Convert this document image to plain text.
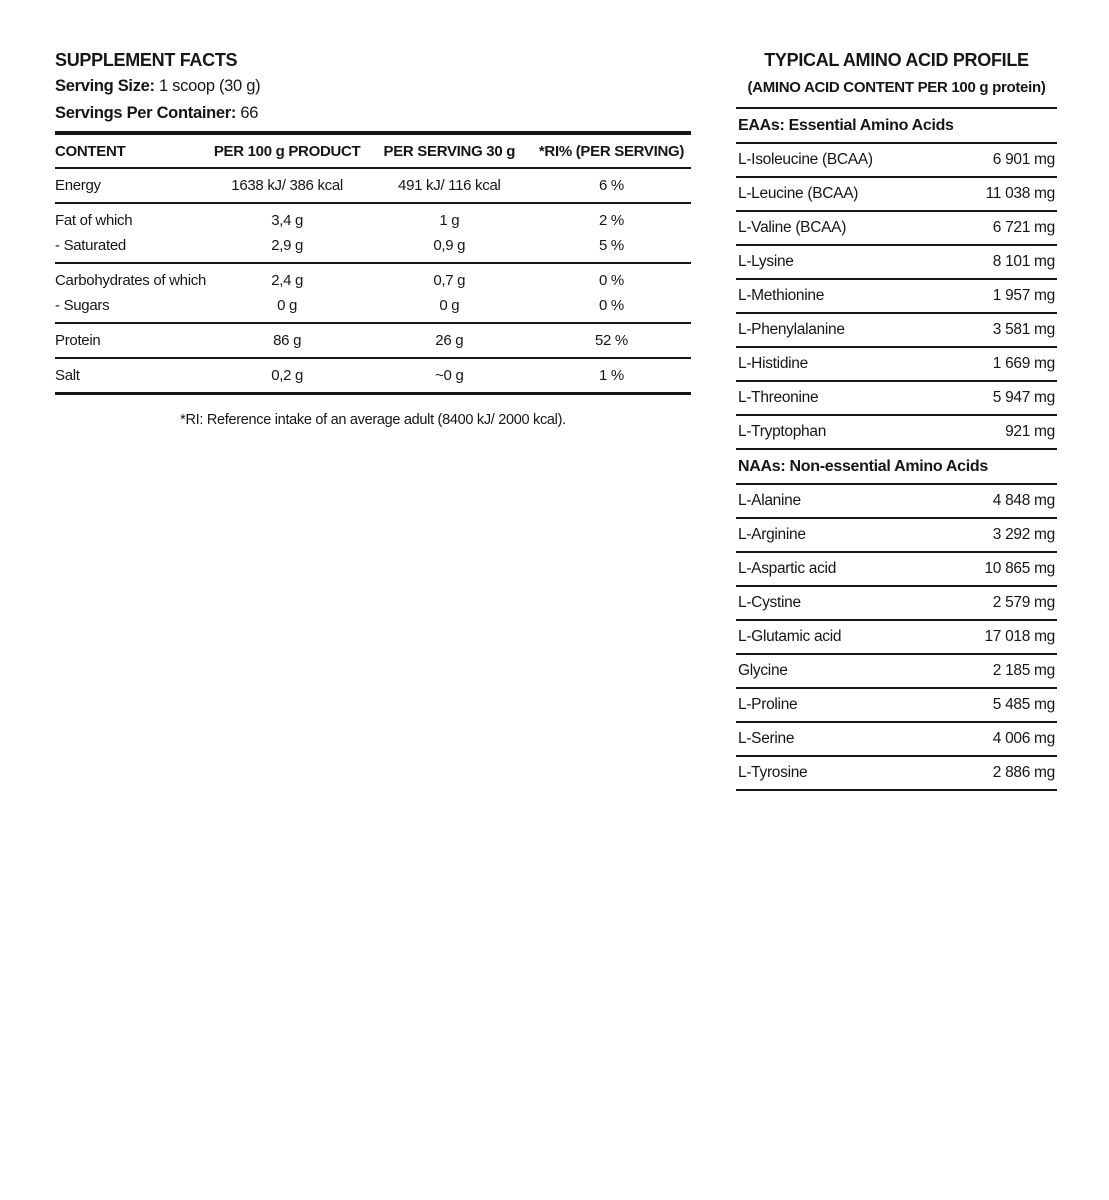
SUPPLEMENT FACTS

Serving Size: 1 scoop (30 g)

Servings Per Container: 66

CONTENT	PER 100 g PRODUCT	PER SERVING 30 g	*RI% (PER SERVING)
Energy	1638 kJ/ 386 kcal	491 kJ/ 116 kcal	6 %
Fat of which	3,4 g	1 g	2 %
- Saturated	2,9 g	0,9 g	5 %
Carbohydrates of which	2,4 g	0,7 g	0 %
- Sugars	0 g	0 g	0 %
Protein	86 g	26 g	52 %
Salt	0,2 g	~0 g	1 %

*RI: Reference intake of an average adult (8400 kJ/ 2000 kcal).

TYPICAL AMINO ACID PROFILE
(AMINO ACID CONTENT PER 100 g protein)
EAAs: Essential Amino Acids
L-Isoleucine (BCAA)	6 901 mg
L-Leucine (BCAA)	11 038 mg
L-Valine (BCAA)	6 721 mg
L-Lysine	8 101 mg
L-Methionine	1 957 mg
L-Phenylalanine	3 581 mg
L-Histidine	1 669 mg
L-Threonine	5 947 mg
L-Tryptophan	921 mg
NAAs: Non-essential Amino Acids
L-Alanine	4 848 mg
L-Arginine	3 292 mg
L-Aspartic acid	10 865 mg
L-Cystine	2 579 mg
L-Glutamic acid	17 018 mg
Glycine	2 185 mg
L-Proline	5 485 mg
L-Serine	4 006 mg
L-Tyrosine	2 886 mg
